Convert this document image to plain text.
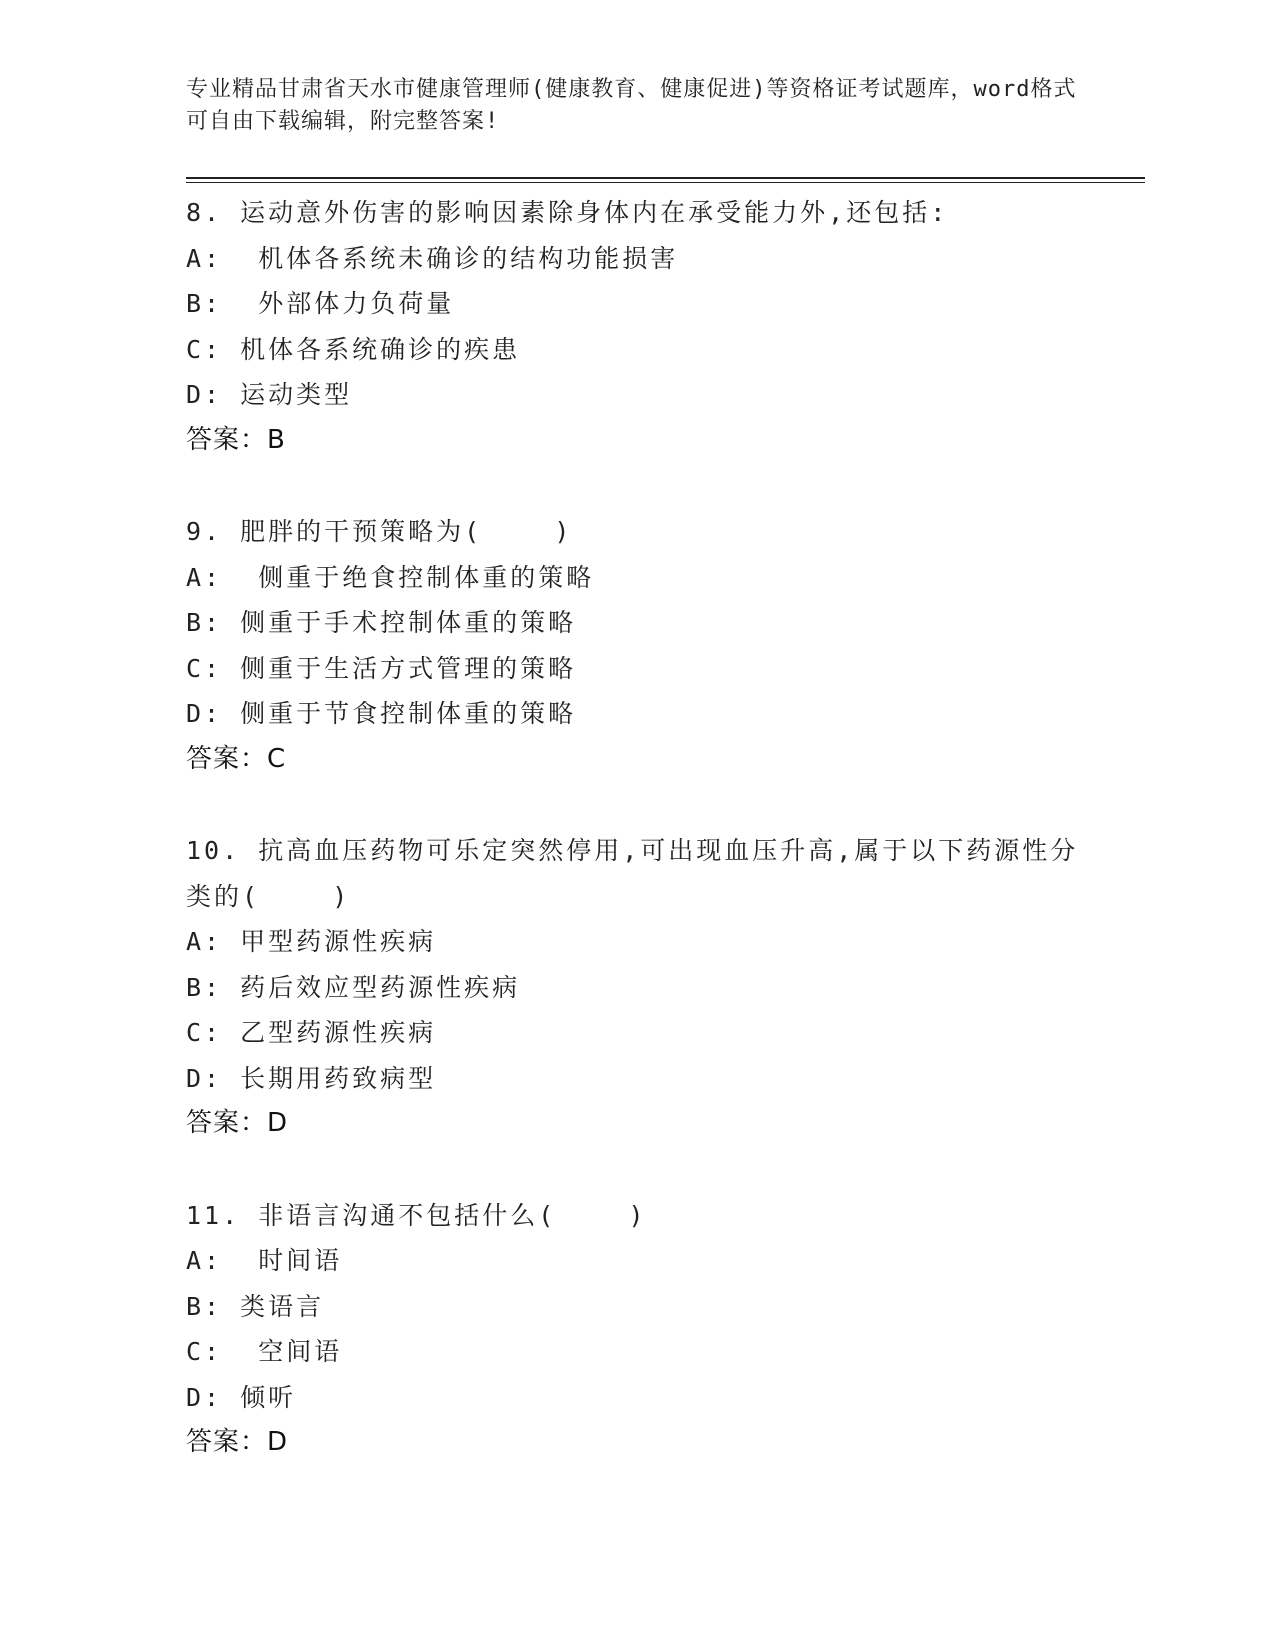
专业精品甘肃省天水市健康管理师(健康教育、健康促进)等资格证考试题库，word格式可自由下载编辑，附完整答案!
8. 运动意外伤害的影响因素除身体内在承受能力外,还包括:
A:  机体各系统未确诊的结构功能损害
B:  外部体力负荷量
C: 机体各系统确诊的疾患
D: 运动类型
答案：B
9. 肥胖的干预策略为(    )
A:  侧重于绝食控制体重的策略
B: 侧重于手术控制体重的策略
C: 侧重于生活方式管理的策略
D: 侧重于节食控制体重的策略
答案：C
10. 抗高血压药物可乐定突然停用,可出现血压升高,属于以下药源性分类的(    )
A: 甲型药源性疾病
B: 药后效应型药源性疾病
C: 乙型药源性疾病
D: 长期用药致病型
答案：D
11. 非语言沟通不包括什么(    )
A:  时间语
B: 类语言
C:  空间语
D: 倾听
答案：D
